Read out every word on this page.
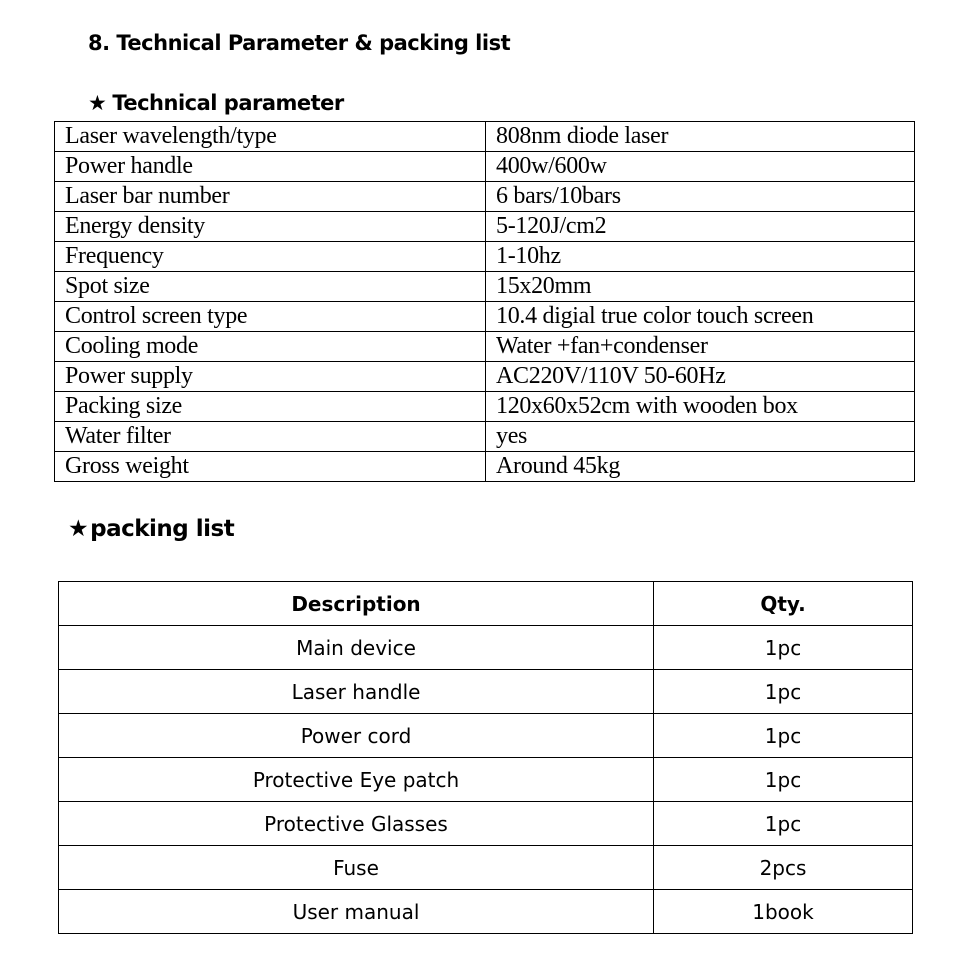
8. Technical Parameter & packing list
★ Technical parameter
Laser wavelength/type	808nm diode laser
Power handle	400w/600w
Laser bar number	6 bars/10bars
Energy density	5-120J/cm2
Frequency	1-10hz
Spot size	15x20mm
Control screen type	10.4 digial true color touch screen
Cooling mode	Water +fan+condenser
Power supply	AC220V/110V 50-60Hz
Packing size	120x60x52cm with wooden box
Water filter	yes
Gross weight	Around 45kg
★packing list
Description	Qty.
Main device	1pc
Laser handle	1pc
Power cord	1pc
Protective Eye patch	1pc
Protective Glasses	1pc
Fuse	2pcs
User manual	1book
